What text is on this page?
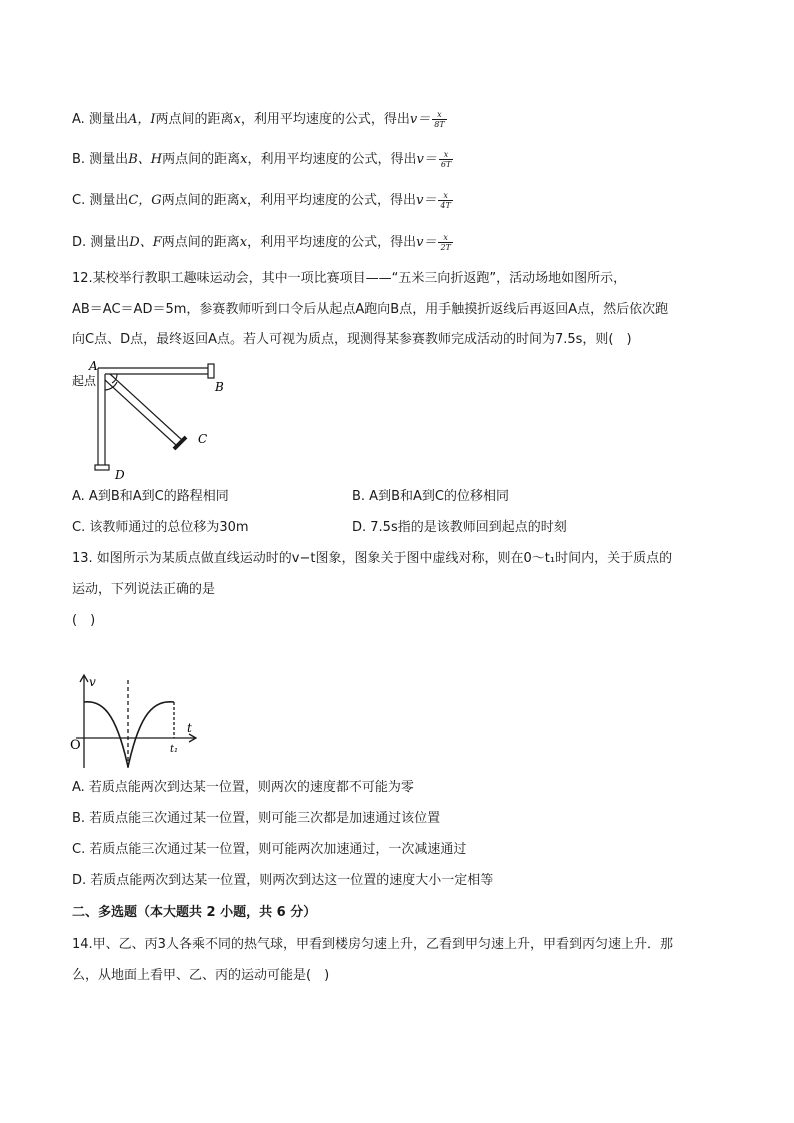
A. 测量出A，I两点间的距离x，利用平均速度的公式，得出$v= \frac{x}{8T}$
B. 测量出B、H两点间的距离x，利用平均速度的公式，得出$v= \frac{x}{6T}$
C. 测量出C，G两点间的距离x，利用平均速度的公式，得出$v= \frac{x}{4T}$
D. 测量出D、F两点间的距离x，利用平均速度的公式，得出$v= \frac{x}{2T}$
12.某校举行教职工趣味运动会，其中一项比赛项目——“五米三向折返跑”，活动场地如图所示，
AB＝AC＝AD＝5m，参赛教师听到口令后从起点A跑向B点，用手触摸折返线后再返回A点，然后依次跑
向C点、D点，最终返回A点。若人可视为质点，现测得某参赛教师完成活动的时间为7.5s，则(　)
A
起点	B
C
D
A. A到B和A到C的路程相同	B. A到B和A到C的位移相同
C. 该教师通过的总位移为30m	D. 7.5s指的是该教师回到起点的时刻
13. 如图所示为某质点做直线运动时的v−t图象，图象关于图中虚线对称，则在0～t₁时间内，关于质点的
运动，下列说法正确的是
(　)
v
t
O	t₁
A. 若质点能两次到达某一位置，则两次的速度都不可能为零
B. 若质点能三次通过某一位置，则可能三次都是加速通过该位置
C. 若质点能三次通过某一位置，则可能两次加速通过，一次减速通过
D. 若质点能两次到达某一位置，则两次到达这一位置的速度大小一定相等
二、多选题（本大题共 2 小题，共 6 分）
14.甲、乙、丙3人各乘不同的热气球，甲看到楼房匀速上升，乙看到甲匀速上升，甲看到丙匀速上升．那
么，从地面上看甲、乙、丙的运动可能是(　)
